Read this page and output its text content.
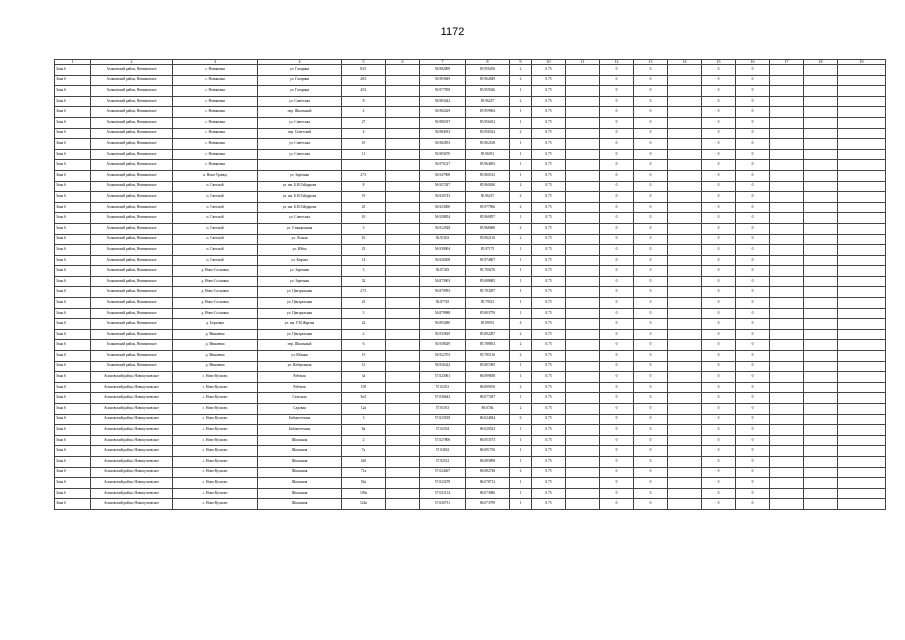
1172
1	2	3	4	5	6	7	8	9	10	11	12	13	14	15	16	17	18	19
Зона 6	Асиновский район, Новиковское	с. Новиковка	ул. Гагарина	83/1		56.982009	85.956456	2	0.75		0	0		0	0			
Зона 6	Асиновский район, Новиковское	с. Новиковка	ул. Гагарина	28/1		56.983849	85.962849	2	0.75		0	0		0	0			
Зона 6	Асиновский район, Новиковское	с. Новиковка	ул. Гагарина	43/1		56.977958	85.959326	1	0.75		0	0		0	0			
Зона 6	Асиновский район, Новиковское	с. Новиковка	ул. Советская	8		56.983442	85.96227	2	0.75		0	0		0	0			
Зона 6	Асиновский район, Новиковское	с. Новиковка	пер. Школьный	2		56.982429	85.959964	1	0.75		0	0		0	0			
Зона 6	Асиновский район, Новиковское	с. Новиковка	ул. Советская	27		56.980337	85.956452	1	0.75		0	0		0	0			
Зона 6	Асиновский район, Новиковское	с. Новиковка	пер. Советский	4		56.984933	85.958324	2	0.75		0	0		0	0			
Зона 6	Асиновский район, Новиковское	с. Новиковка	ул. Советская	10		56.982853	85.962168	1	0.75		0	0		0	0			
Зона 6	Асиновский район, Новиковское	с. Новиковка	ул. Советская	11		56.983670	85.96051	1	0.75		0	0		0	0			
Зона 6	Асиновский район, Новиковское	с. Новиковка				56.976317	85.964693	1	0.75		0	0		0	0			
Зона 6	Асиновский район, Новиковское	п. Ново-Троица	ул. Заречная	27/1		56.947908	85.960313	1	0.75		0	0		0	0			
Зона 6	Асиновский район, Новиковское	п. Светлый	ул. им. Б.Н.Гайдарова	8		56.927027	85.960260	2	0.75		0	0		0	0			
Зона 6	Асиновский район, Новиковское	п. Светлый	ул. им. Б.Н.Гайдарова	19		56.920743	85.96217	2	0.75		0	0		0	0			
Зона 6	Асиновский район, Новиковское	п. Светлый	ул. им. Б.Н.Гайдарова	25		56.923000	85.977966	2	0.75		0	0		0	0			
Зона 6	Асиновский район, Новиковское	п. Светлый	ул. Советская	10		56.928854	85.960857	1	0.75		0	0		0	0			
Зона 6	Асиновский район, Новиковское	п. Светлый	ул. Станционная	3		56.912928	85.968686	2	0.75		0	0		0	0			
Зона 6	Асиновский район, Новиковское	п. Светлый	ул. Лесная	10		56.91633	85.962116	2	0.75		0	0		0	0			
Зона 6	Асиновский район, Новиковское	п. Светлый	ул. Юбка	23		56.938004	85.97175	1	0.75		0	0		0	0			
Зона 6	Асиновский район, Новиковское	п. Светлый	ул. Кирова	14		56.920208	85.974807	1	0.75		0	0		0	0			
Зона 6	Асиновский район, Новиковское	д. Ново-Сосновка	ул. Заречная	3		56.87283	85.700276	1	0.75		0	0		0	0			
Зона 6	Асиновский район, Новиковское	д. Ново-Сосновка	ул. Заречная	32		56.873903	85.698685	1	0.75		0	0		0	0			
Зона 6	Асиновский район, Новиковское	д. Ново-Сосновка	ул. Центральная	27/1		56.870993	85.703287	1	0.75		0	0		0	0			
Зона 6	Асиновский район, Новиковское	д. Ново-Сосновка	ул. Центральная	23		56.87745	85.79521	1	0.75		0	0		0	0			
Зона 6	Асиновский район, Новиковское	д. Ново-Сосновка	ул. Центральная	3		56.879988	85.803759	1	0.75		0	0		0	0			
Зона 6	Асиновский район, Новиковское	д. Борзовка	ул. им. Г.М.Жарова	22		56.893480	85.89591	4	0.75		0	0		0	0			
Зона 6	Асиновский район, Новиковское	д. Минаевка	ул. Центральная	2		56.935829	85.892287	2	0.75		0	0		0	0			
Зона 6	Асиновский район, Новиковское	д. Минаевка	пер. Школьный	6		56.938029	85.788854	2	0.75		0	0		0	0			
Зона 6	Асиновский район, Новиковское	д. Минаевка	ул. Южная	15		56.932703	85.785116	2	0.75		0	0		0	0			
Зона 6	Асиновский район, Новиковское	д. Минаевка	ул. Набережная	13		56.936322	85.807485	1	0.75		0	0		0	0			
Зона 6	Асиновский район, Новокусковское	с. Ново-Кусково	Рабочая	3а		57.023061	86.099838	1	0.75		0	0		0	0			
Зона 6	Асиновский район, Новокусковское	с. Ново-Кусково	Рабочая	105		57.02331	86.009106	2	0.75		0	0		0	0			
Зона 6	Асиновский район, Новокусковское	с. Ново-Кусково	Сельская	5в/1		57.036643	86.077287	1	0.75		0	0		0	0			
Зона 6	Асиновский район, Новокусковское	с. Ново-Кусково	Садовая	12а		57.01013	86.0746	2	0.75		0	0		0	0			
Зона 6	Асиновский район, Новокусковское	с. Ново-Кусково	Библиотечная	3		57.023918	86.024844	6	0.75		0	0		0	0			
Зона 6	Асиновский район, Новокусковское	с. Ново-Кусково	Библиотечная	8а		57.02334	86.020523	1	0.75		0	0		0	0			
Зона 6	Асиновский район, Новокусковское	с. Ново-Кусково	Школьная	2		57.027806	86.053573	1	0.75		0	0		0	0			
Зона 6	Асиновский район, Новокусковское	с. Ново-Кусково	Школьная	7а		57.03652	86.091756	1	0.75		0	0		0	0			
Зона 6	Асиновский район, Новокусковское	с. Ново-Кусково	Школьная	42б		57.02512	86.083898	1	0.75		0	0		0	0			
Зона 6	Асиновский район, Новокусковское	с. Ново-Кусково	Школьная	71а		57.024467	86.082748	2	0.75		0	0		0	0			
Зона 6	Асиновский район, Новокусковское	с. Ново-Кусково	Школьная	92а		57.023478	86.078712	1	0.75		0	0		0	0			
Зона 6	Асиновский район, Новокусковское	с. Ново-Кусково	Школьная	109а		57.021114	86.073986	1	0.75		0	0		0	0			
Зона 6	Асиновский район, Новокусковское	с. Ново-Кусково	Школьная	124а		57.020731	86.073799	1	0.75		0	0		0	0			
